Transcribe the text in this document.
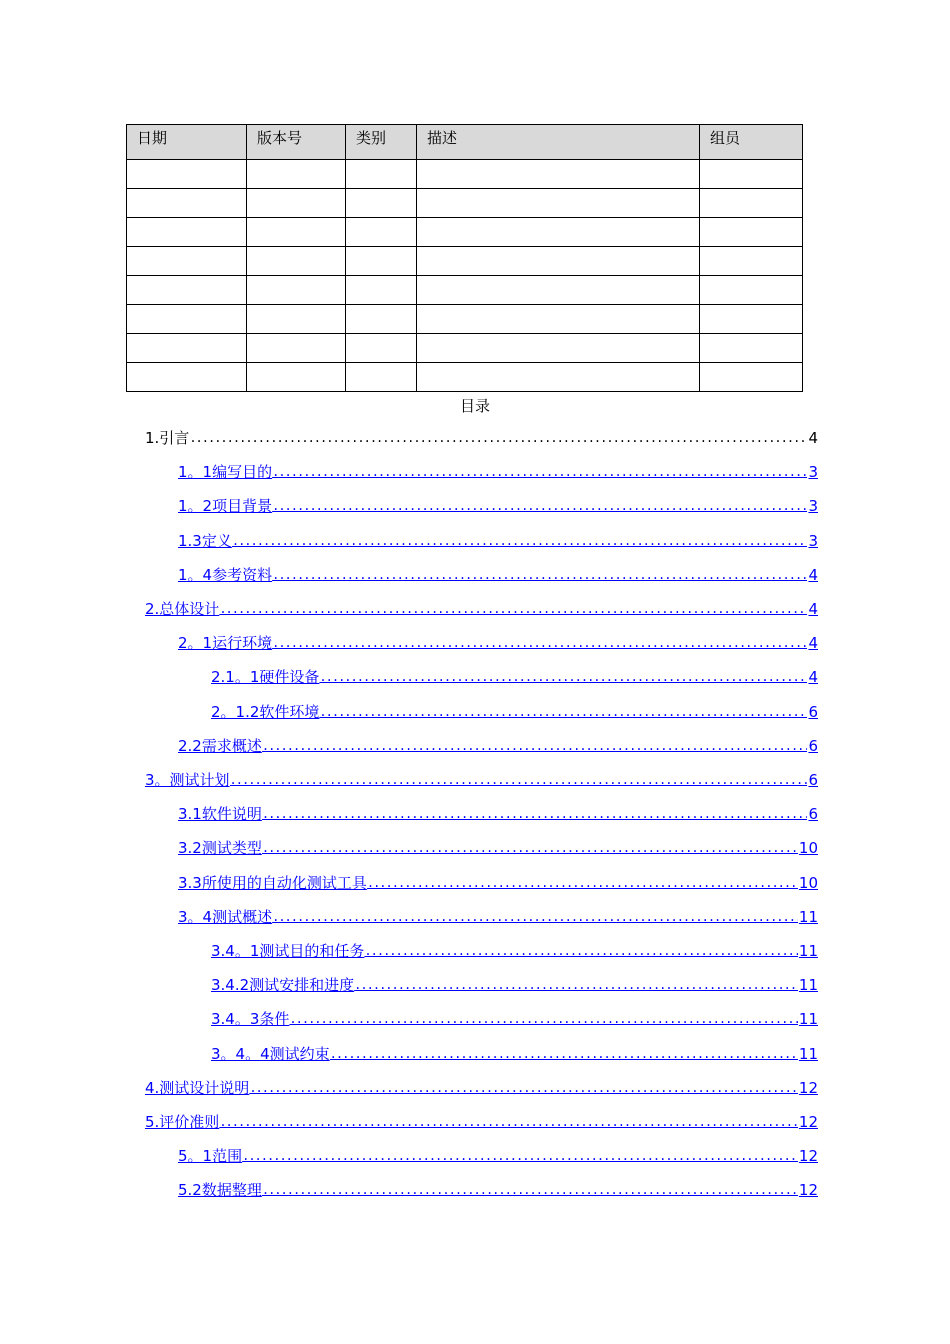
日期	版本号	类别	描述	组员

目录
1.引言 .....	4
1。1编写目的 .....	3
1。2项目背景 .....	3
1.3定义 .....	3
1。4参考资料 .....	4
2.总体设计 .....	4
2。1运行环境 .....	4
2.1。1硬件设备 .....	4
2。1.2软件环境 .....	6
2.2需求概述 .....	6
3。测试计划 .....	6
3.1软件说明 .....	6
3.2测试类型 .....	10
3.3所使用的自动化测试工具 .....	10
3。4测试概述 .....	11
3.4。1测试目的和任务 .....	11
3.4.2测试安排和进度 .....	11
3.4。3条件 .....	11
3。4。4测试约束 .....	11
4.测试设计说明 .....	12
5.评价准则 .....	12
5。1范围 .....	12
5.2数据整理 .....	12
